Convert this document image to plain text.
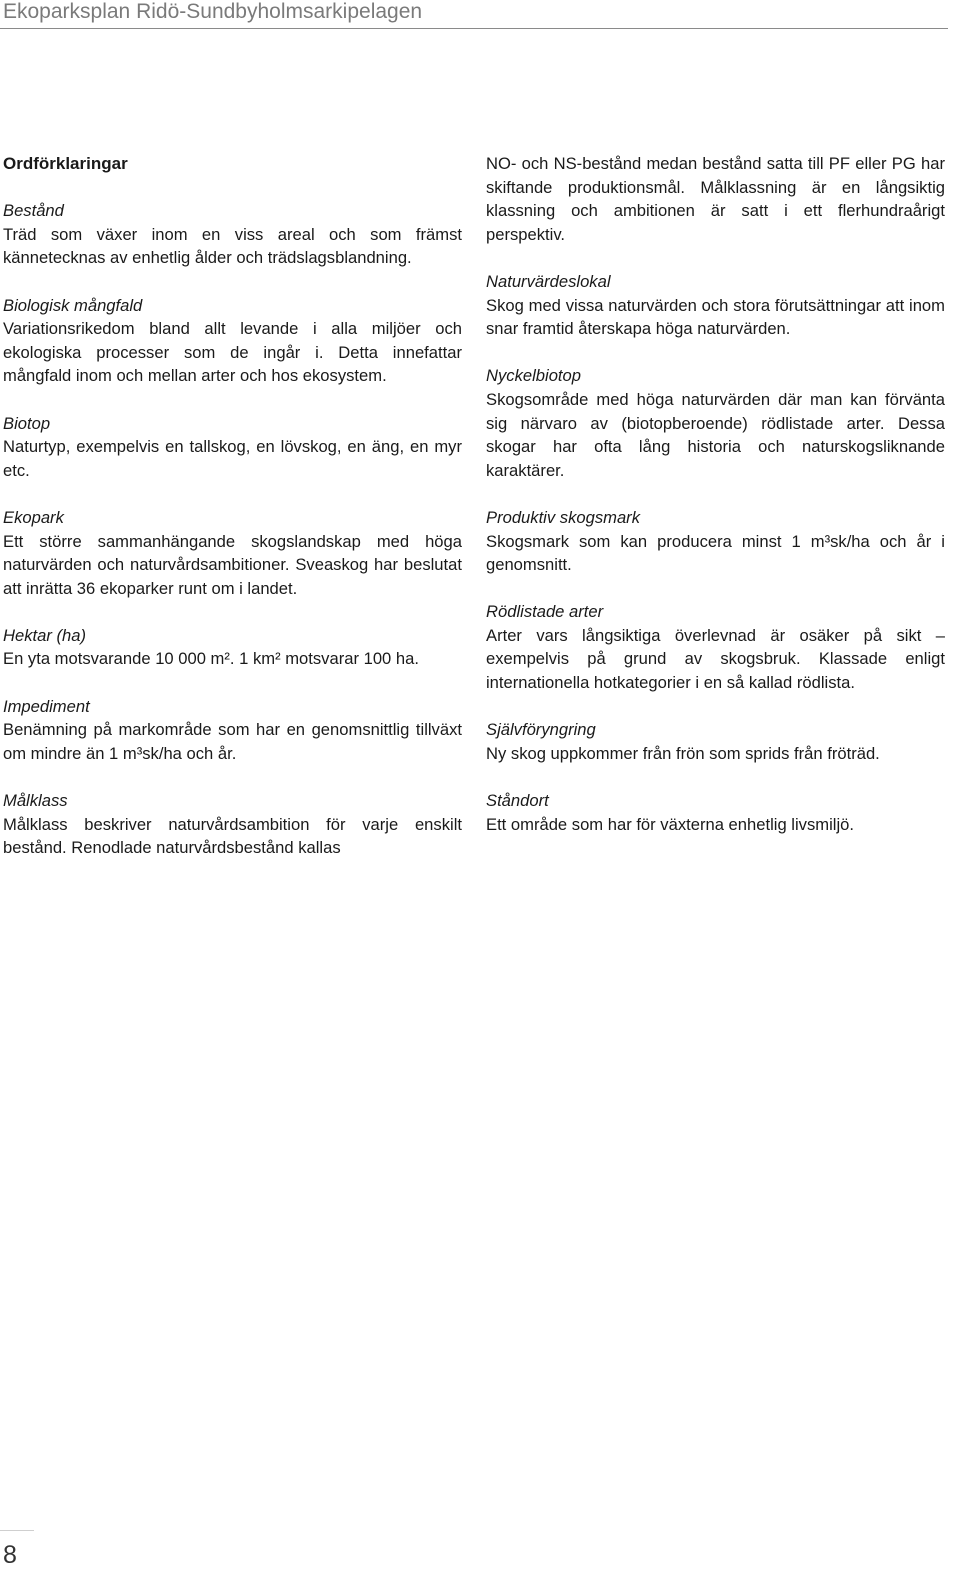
Ekoparksplan Ridö-Sundbyholmsarkipelagen
Ordförklaringar
Bestånd
Träd som växer inom en viss areal och som främst kännetecknas av enhetlig ålder och trädslagsblandning.
Biologisk mångfald
Variationsrikedom bland allt levande i alla miljöer och ekologiska processer som de ingår i. Detta innefattar mångfald inom och mellan arter och hos ekosystem.
Biotop
Naturtyp, exempelvis en tallskog, en lövskog, en äng, en myr etc.
Ekopark
Ett större sammanhängande skogslandskap med höga naturvärden och naturvårdsambitioner. Sveaskog har beslutat att inrätta 36 ekoparker runt om i landet.
Hektar (ha)
En yta motsvarande 10 000 m². 1 km² motsvarar 100 ha.
Impediment
Benämning på markområde som har en genomsnittlig tillväxt om mindre än 1 m³sk/ha och år.
Målklass
Målklass beskriver naturvårdsambition för varje enskilt bestånd. Renodlade naturvårdsbestånd kallas
NO- och NS-bestånd medan bestånd satta till PF eller PG har skiftande produktionsmål. Målklassning är en långsiktig klassning och ambitionen är satt i ett flerhundraårigt perspektiv.
Naturvärdeslokal
Skog med vissa naturvärden och stora förutsättningar att inom snar framtid återskapa höga naturvärden.
Nyckelbiotop
Skogsområde med höga naturvärden där man kan förvänta sig närvaro av (biotopberoende) rödlistade arter. Dessa skogar har ofta lång historia och naturskogsliknande karaktärer.
Produktiv skogsmark
Skogsmark som kan producera minst 1 m³sk/ha och år i genomsnitt.
Rödlistade arter
Arter vars långsiktiga överlevnad är osäker på sikt – exempelvis på grund av skogsbruk. Klassade enligt internationella hotkategorier i en så kallad rödlista.
Självföryngring
Ny skog uppkommer från frön som sprids från fröträd.
Ståndort
Ett område som har för växterna enhetlig livsmiljö.
8
